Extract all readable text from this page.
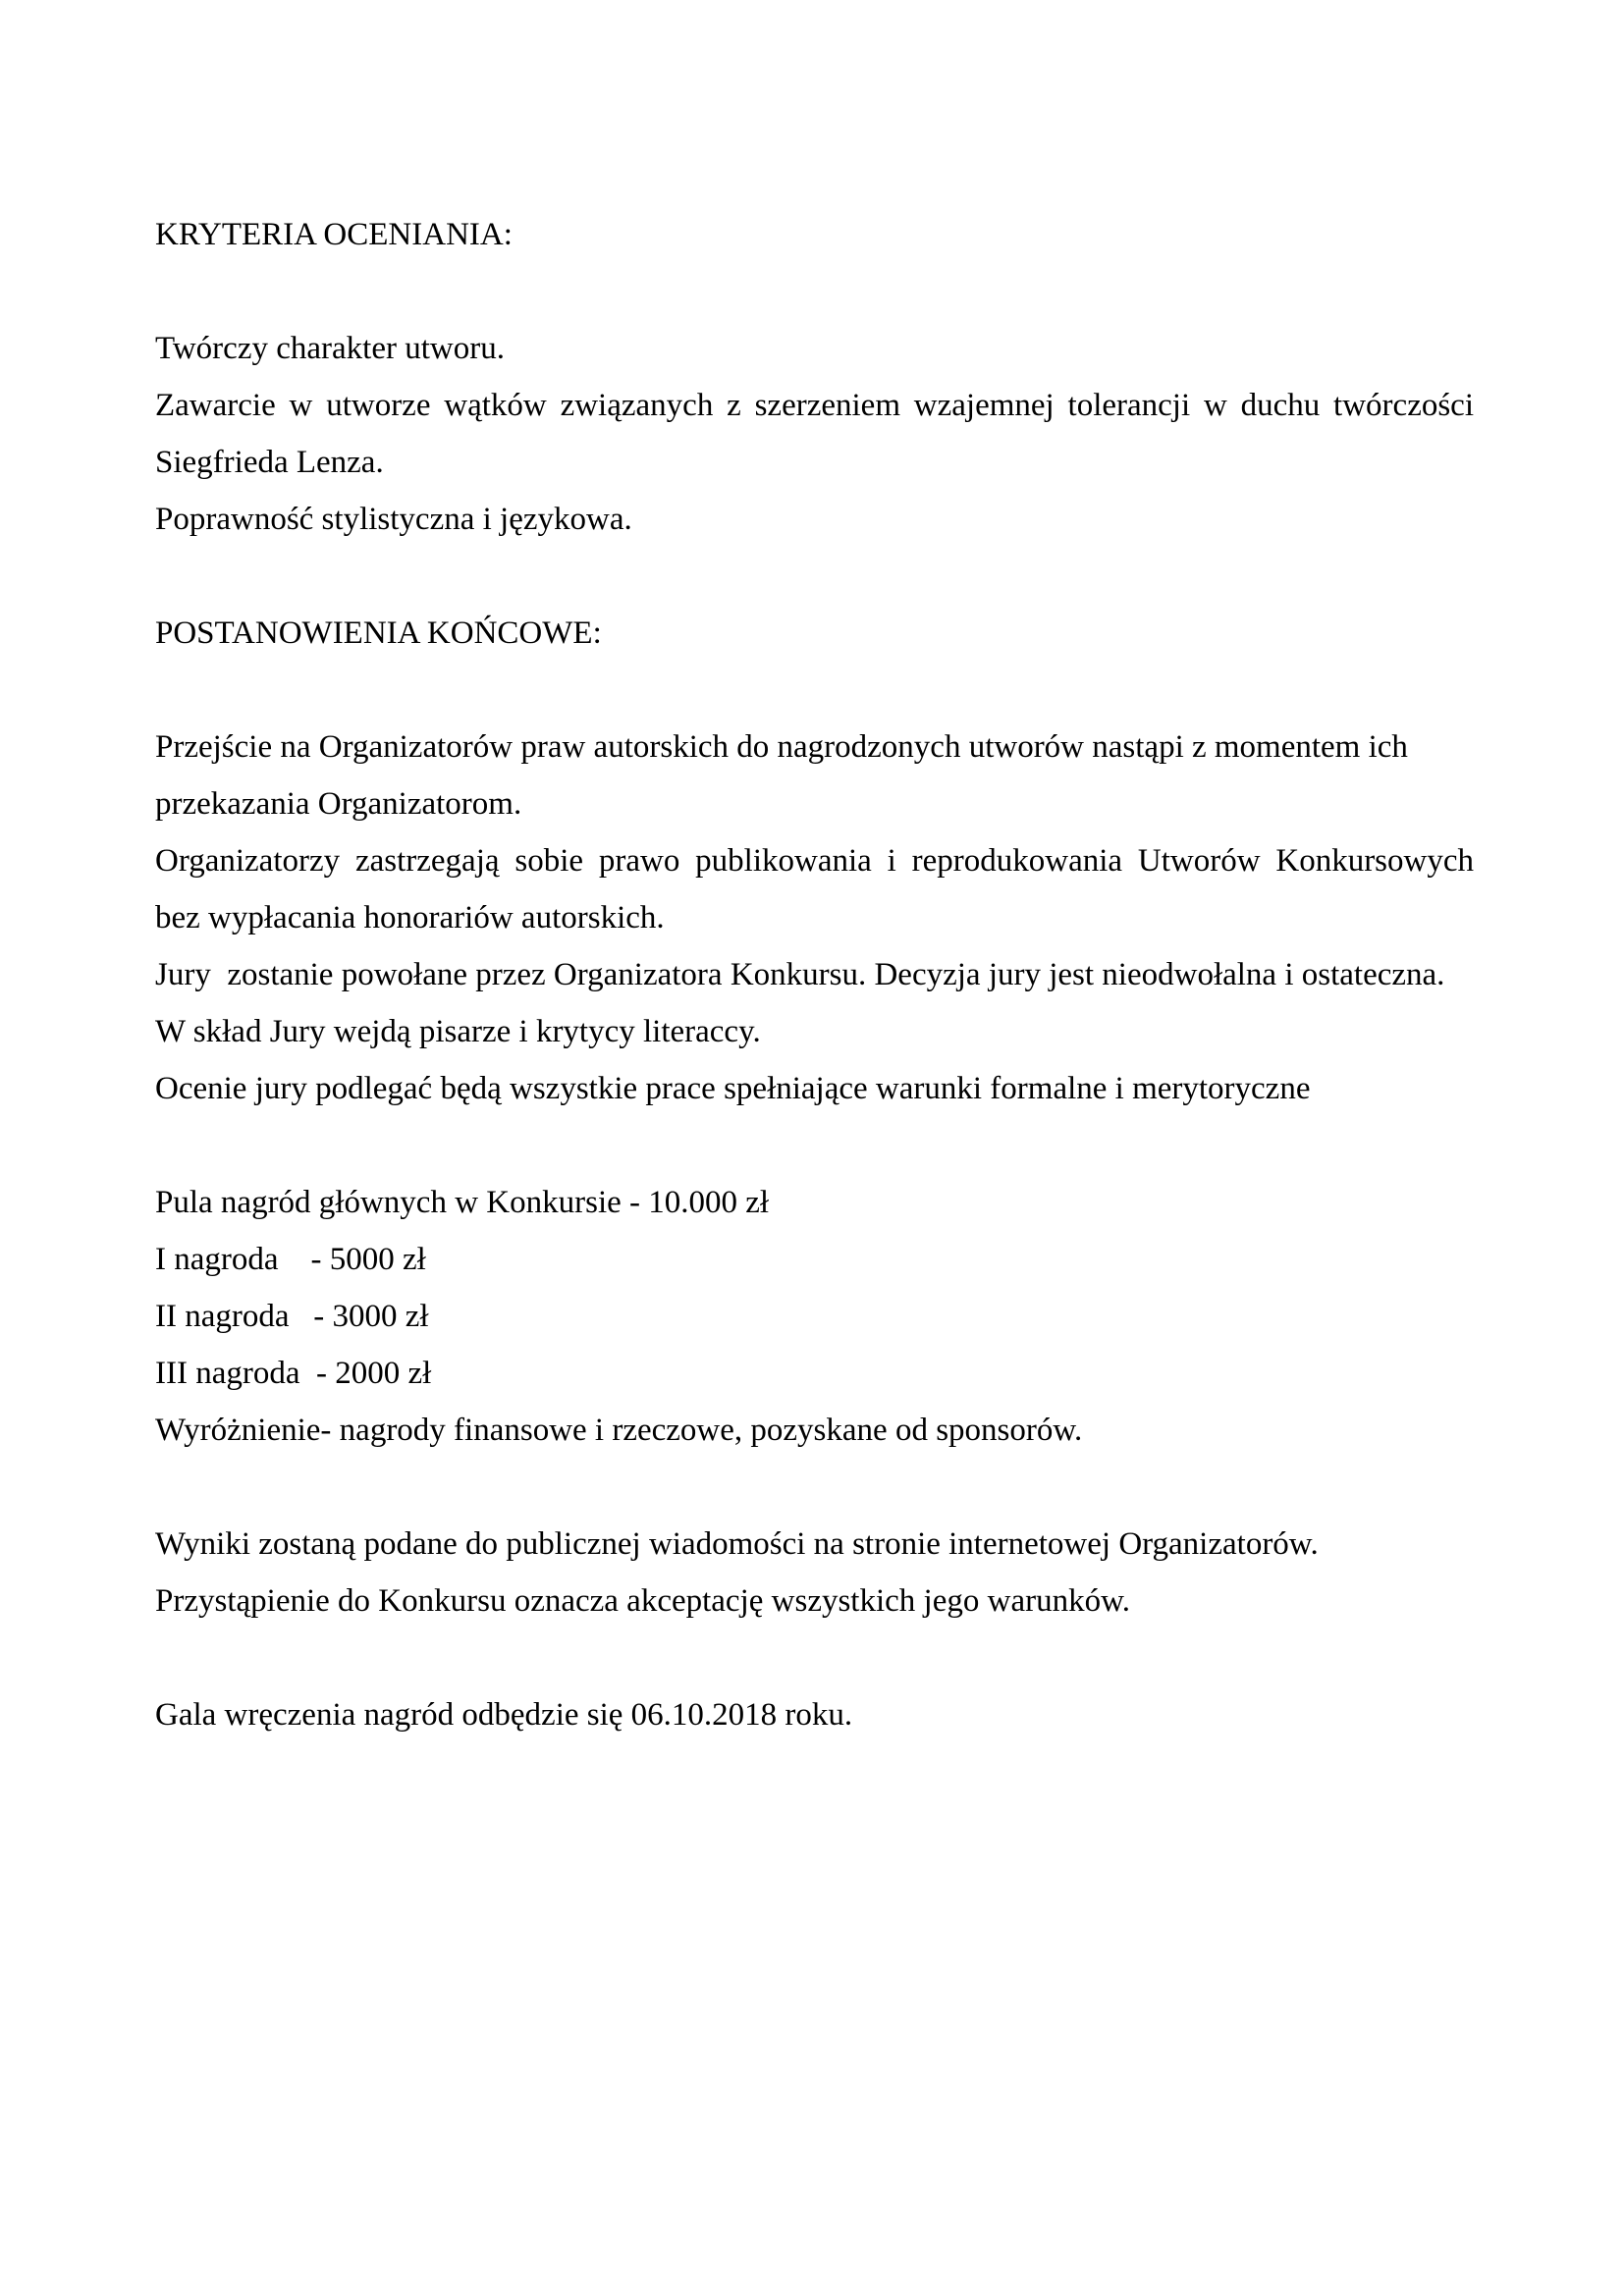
KRYTERIA OCENIANIA:
Twórczy charakter utworu.
Zawarcie w utworze wątków związanych z szerzeniem wzajemnej tolerancji w duchu twórczości
Siegfrieda Lenza.
Poprawność stylistyczna i językowa.
POSTANOWIENIA KOŃCOWE:
Przejście na Organizatorów praw autorskich do nagrodzonych utworów nastąpi z momentem ich
przekazania Organizatorom.
Organizatorzy zastrzegają sobie prawo publikowania i reprodukowania Utworów Konkursowych
bez wypłacania honorariów autorskich.
Jury  zostanie powołane przez Organizatora Konkursu. Decyzja jury jest nieodwołalna i ostateczna.
W skład Jury wejdą pisarze i krytycy literaccy.
Ocenie jury podlegać będą wszystkie prace spełniające warunki formalne i merytoryczne
Pula nagród głównych w Konkursie - 10.000 zł
I nagroda    - 5000 zł
II nagroda   - 3000 zł
III nagroda  - 2000 zł
Wyróżnienie- nagrody finansowe i rzeczowe, pozyskane od sponsorów.
Wyniki zostaną podane do publicznej wiadomości na stronie internetowej Organizatorów.
Przystąpienie do Konkursu oznacza akceptację wszystkich jego warunków.
Gala wręczenia nagród odbędzie się 06.10.2018 roku.
